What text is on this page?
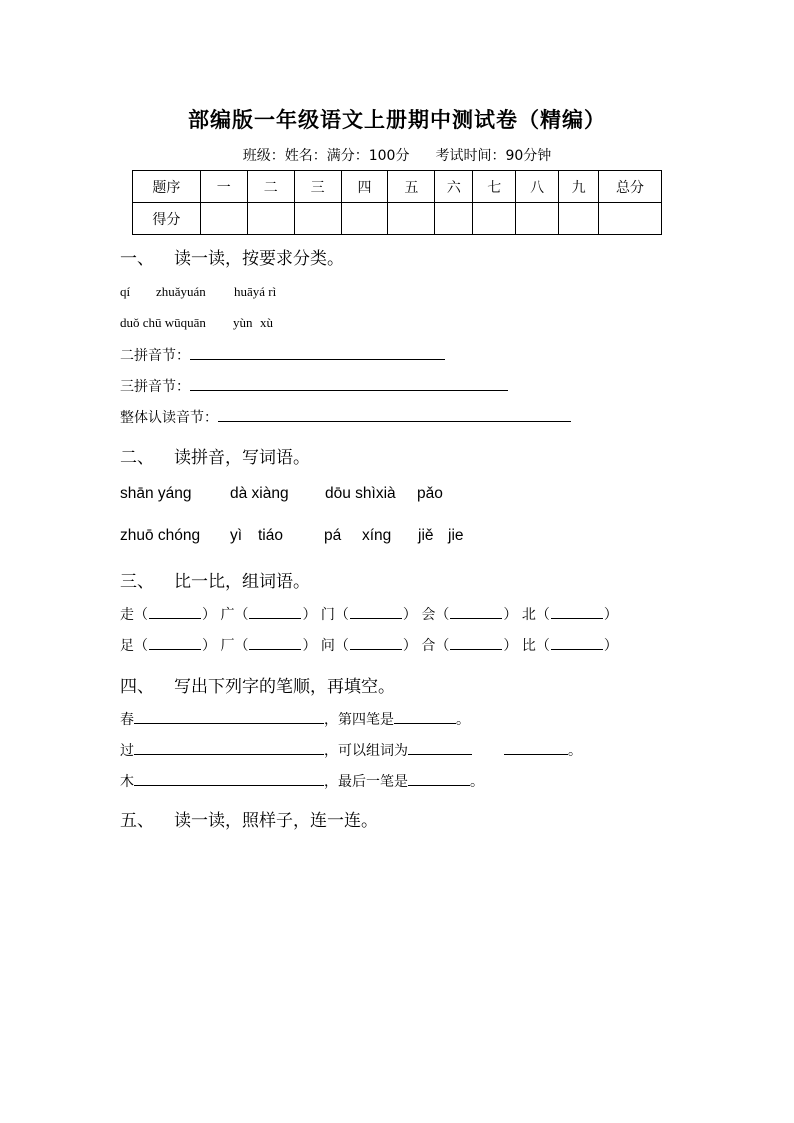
部编版一年级语文上册期中测试卷（精编）
班级：姓名：满分：100分 考试时间：90分钟
题序	一	二	三	四	五	六	七	八	九	总分
得分										
一、 读一读，按要求分类。
qí zhuǎyuán huāyá rì
duǒ chū wūquān yùn xù
二拼音节：
三拼音节：
整体认读音节：
二、 读拼音，写词语。
shān yáng dà xiàng dōu shìxià pǎo
zhuō chóng yì tiáo	pá xíng jiě jie
三、 比一比，组词语。
走（	） 广（	） 门（	） 会（	） 北（	）
足（	） 厂（	） 问（	） 合（	） 比（	）
四、 写出下列字的笔顺，再填空。
春	，第四笔是	。
过	，可以组词为	。
木	，最后一笔是	。
五、 读一读，照样子，连一连。
